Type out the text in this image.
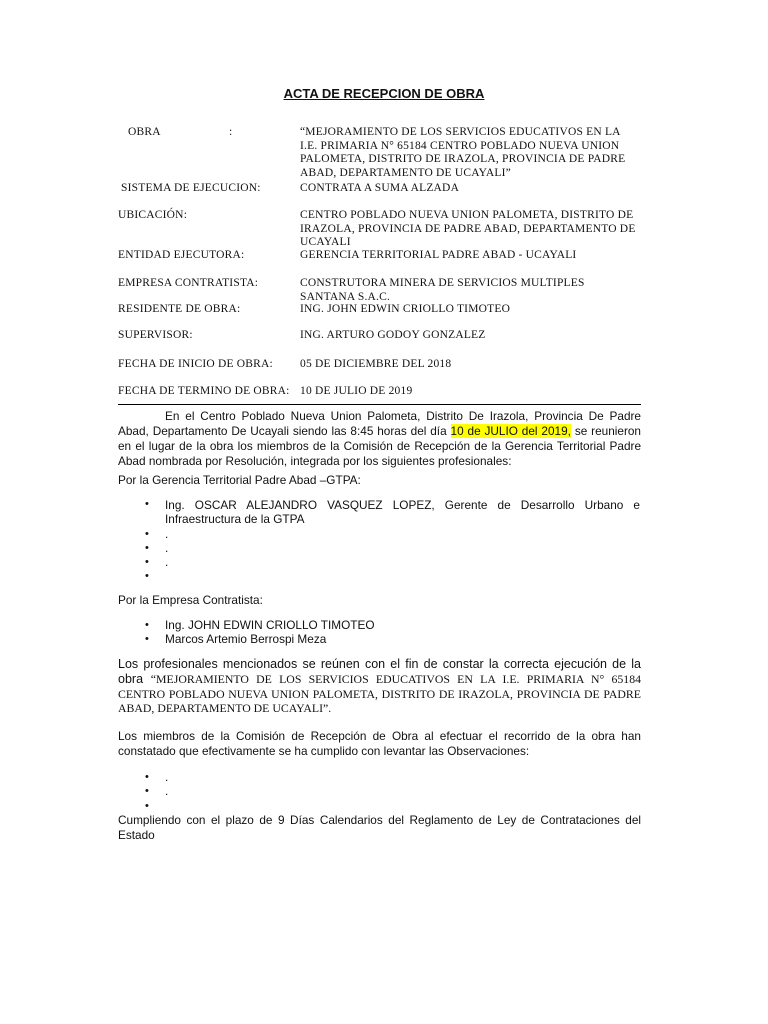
ACTA DE RECEPCION DE OBRA
OBRA	:	“MEJORAMIENTO DE LOS SERVICIOS EDUCATIVOS EN LA I.E. PRIMARIA N° 65184 CENTRO POBLADO NUEVA UNION PALOMETA, DISTRITO DE IRAZOLA, PROVINCIA DE PADRE ABAD, DEPARTAMENTO DE UCAYALI”
SISTEMA DE EJECUCION:	CONTRATA A SUMA ALZADA
UBICACIÓN:	CENTRO POBLADO NUEVA UNION PALOMETA, DISTRITO DE IRAZOLA, PROVINCIA DE PADRE ABAD, DEPARTAMENTO DE UCAYALI
ENTIDAD EJECUTORA:	GERENCIA TERRITORIAL PADRE ABAD - UCAYALI
EMPRESA CONTRATISTA:	CONSTRUTORA MINERA DE SERVICIOS MULTIPLES SANTANA S.A.C.
RESIDENTE DE OBRA:	ING. JOHN EDWIN CRIOLLO TIMOTEO
SUPERVISOR:	ING. ARTURO GODOY GONZALEZ
FECHA DE INICIO DE OBRA: 05 DE DICIEMBRE DEL 2018
FECHA DE TERMINO DE OBRA: 10 DE JULIO DE 2019
En el Centro Poblado Nueva Union Palometa, Distrito De Irazola, Provincia De Padre Abad, Departamento De Ucayali siendo las 8:45 horas del día 10 de JULIO del 2019, se reunieron en el lugar de la obra los miembros de la Comisión de Recepción de la Gerencia Territorial Padre Abad nombrada por Resolución, integrada por los siguientes profesionales:
Por la Gerencia Territorial Padre Abad –GTPA:
• Ing. OSCAR ALEJANDRO VASQUEZ LOPEZ, Gerente de Desarrollo Urbano e Infraestructura de la GTPA
• .
• .
• .
•
Por la Empresa Contratista:
• Ing. JOHN EDWIN CRIOLLO TIMOTEO
• Marcos Artemio Berrospi Meza
Los profesionales mencionados se reúnen con el fin de constar la correcta ejecución de la obra “MEJORAMIENTO DE LOS SERVICIOS EDUCATIVOS EN LA I.E. PRIMARIA N° 65184 CENTRO POBLADO NUEVA UNION PALOMETA, DISTRITO DE IRAZOLA, PROVINCIA DE PADRE ABAD, DEPARTAMENTO DE UCAYALI”.
Los miembros de la Comisión de Recepción de Obra al efectuar el recorrido de la obra han constatado que efectivamente se ha cumplido con levantar las Observaciones:
• .
• .
•
Cumpliendo con el plazo de 9 Días Calendarios del Reglamento de Ley de Contrataciones del Estado
